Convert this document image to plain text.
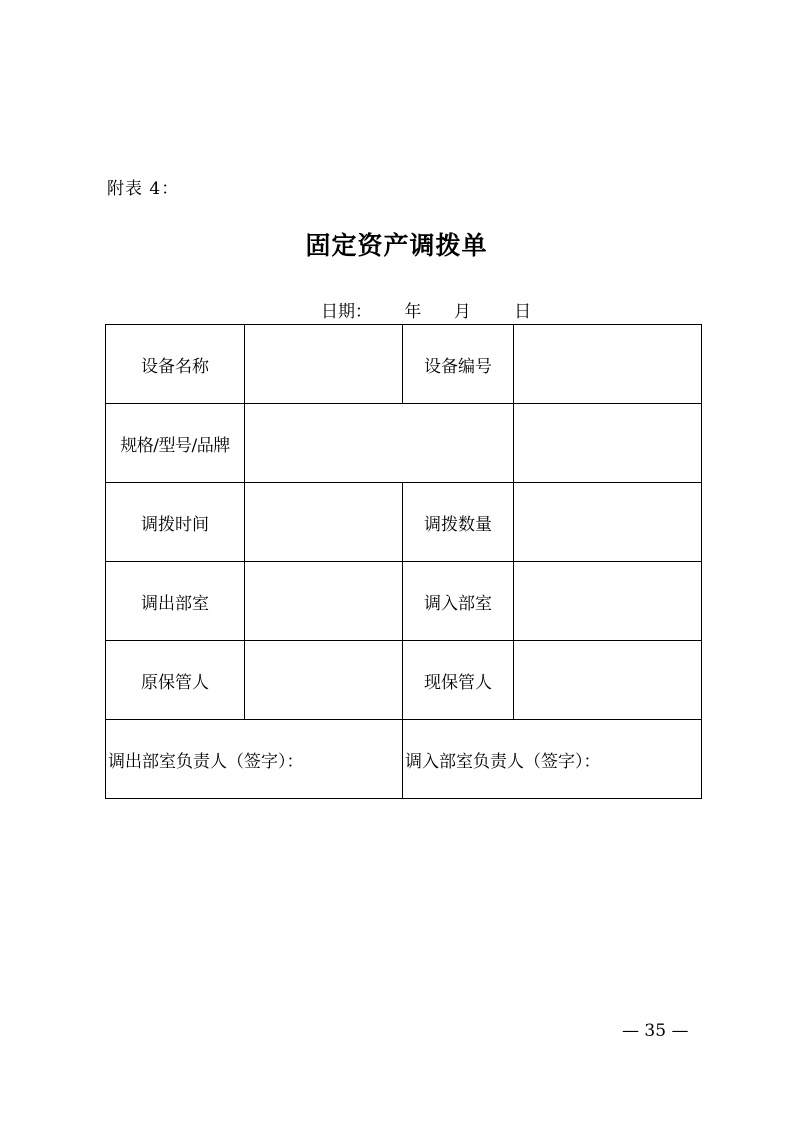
附表 4：
固定资产调拨单
日期：      年      月        日
设备名称		设备编号	
规格/型号/品牌			
调拨时间		调拨数量	
调出部室		调入部室	
原保管人		现保管人	
调出部室负责人（签字）：		调入部室负责人（签字）：	
— 35 —
